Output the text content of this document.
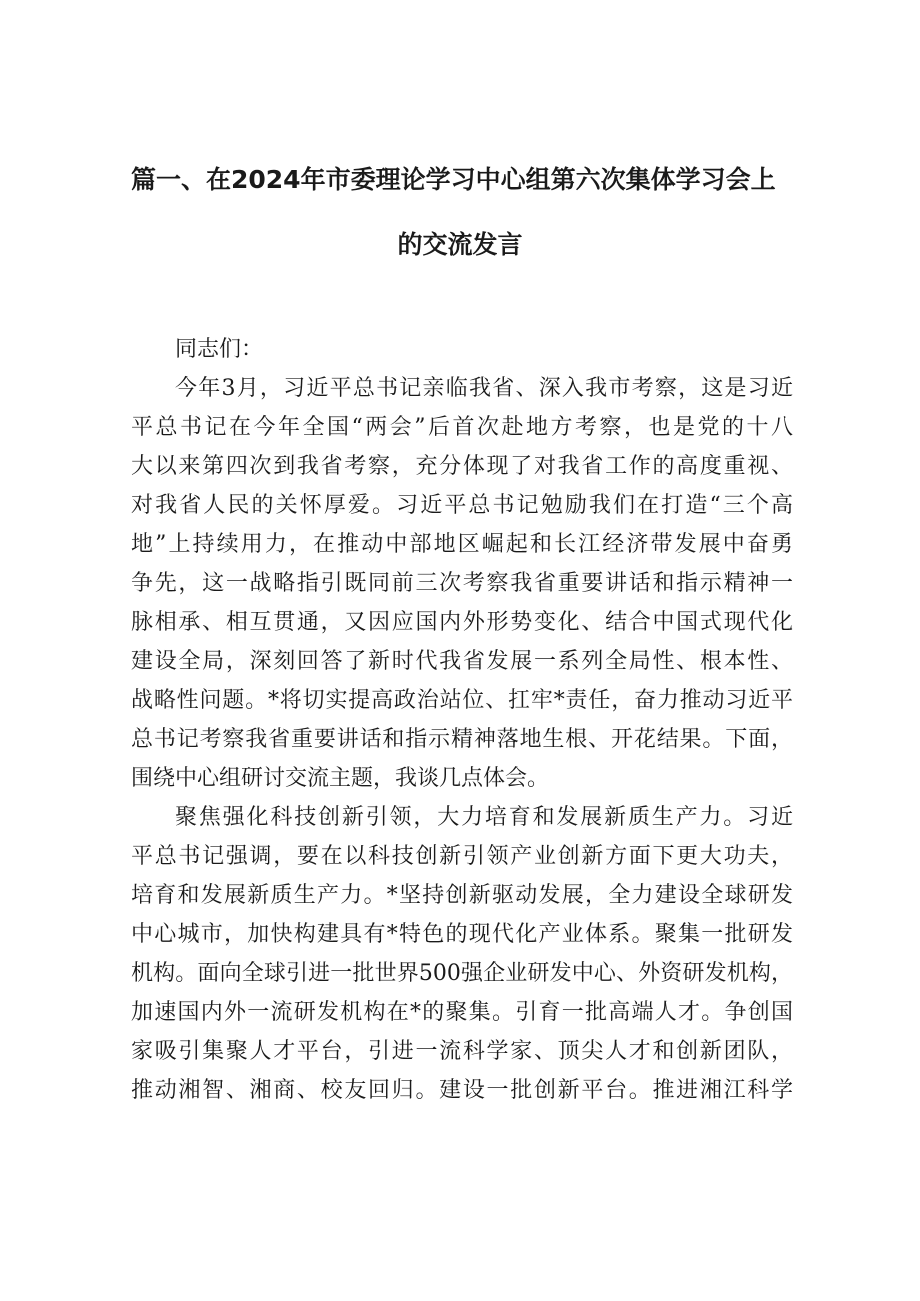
篇一、在2024年市委理论学习中心组第六次集体学习会上
的交流发言
同志们：
今年3月，习近平总书记亲临我省、深入我市考察，这是习近
平总书记在今年全国“两会”后首次赴地方考察，也是党的十八
大以来第四次到我省考察，充分体现了对我省工作的高度重视、
对我省人民的关怀厚爱。习近平总书记勉励我们在打造“三个高
地”上持续用力，在推动中部地区崛起和长江经济带发展中奋勇
争先，这一战略指引既同前三次考察我省重要讲话和指示精神一
脉相承、相互贯通，又因应国内外形势变化、结合中国式现代化
建设全局，深刻回答了新时代我省发展一系列全局性、根本性、
战略性问题。*将切实提高政治站位、扛牢*责任，奋力推动习近平
总书记考察我省重要讲话和指示精神落地生根、开花结果。下面，
围绕中心组研讨交流主题，我谈几点体会。
聚焦强化科技创新引领，大力培育和发展新质生产力。习近
平总书记强调，要在以科技创新引领产业创新方面下更大功夫，
培育和发展新质生产力。*坚持创新驱动发展，全力建设全球研发
中心城市，加快构建具有*特色的现代化产业体系。聚集一批研发
机构。面向全球引进一批世界500强企业研发中心、外资研发机构，
加速国内外一流研发机构在*的聚集。引育一批高端人才。争创国
家吸引集聚人才平台，引进一流科学家、顶尖人才和创新团队，
推动湘智、湘商、校友回归。建设一批创新平台。推进湘江科学
